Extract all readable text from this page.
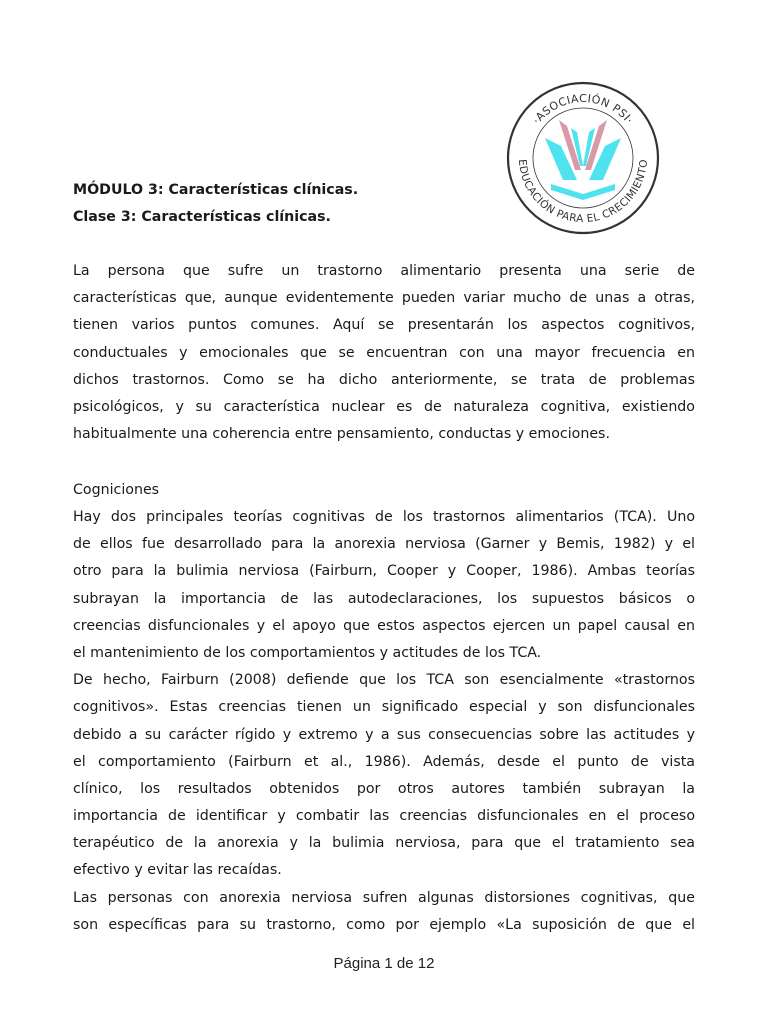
·ASOCIACIÓN PSI·
EDUCACIÓN PARA EL CRECIMIENTO
MÓDULO 3: Características clínicas.
Clase 3: Características clínicas.
La persona que sufre un trastorno alimentario presenta una serie de
características que, aunque evidentemente pueden variar mucho de unas a otras,
tienen varios puntos comunes. Aquí se presentarán los aspectos cognitivos,
conductuales y emocionales que se encuentran con una mayor frecuencia en
dichos trastornos. Como se ha dicho anteriormente, se trata de problemas
psicológicos, y su característica nuclear es de naturaleza cognitiva, existiendo
habitualmente una coherencia entre pensamiento, conductas y emociones.
Cogniciones
Hay dos principales teorías cognitivas de los trastornos alimentarios (TCA). Uno
de ellos fue desarrollado para la anorexia nerviosa (Garner y Bemis, 1982) y el
otro para la bulimia nerviosa (Fairburn, Cooper y Cooper, 1986). Ambas teorías
subrayan la importancia de las autodeclaraciones, los supuestos básicos o
creencias disfuncionales y el apoyo que estos aspectos ejercen un papel causal en
el mantenimiento de los comportamientos y actitudes de los TCA.
De hecho, Fairburn (2008) defiende que los TCA son esencialmente «trastornos
cognitivos». Estas creencias tienen un significado especial y son disfuncionales
debido a su carácter rígido y extremo y a sus consecuencias sobre las actitudes y
el comportamiento (Fairburn et al., 1986). Además, desde el punto de vista
clínico, los resultados obtenidos por otros autores también subrayan la
importancia de identificar y combatir las creencias disfuncionales en el proceso
terapéutico de la anorexia y la bulimia nerviosa, para que el tratamiento sea
efectivo y evitar las recaídas.
Las personas con anorexia nerviosa sufren algunas distorsiones cognitivas, que
son específicas para su trastorno, como por ejemplo «La suposición de que el
Página 1 de 12
